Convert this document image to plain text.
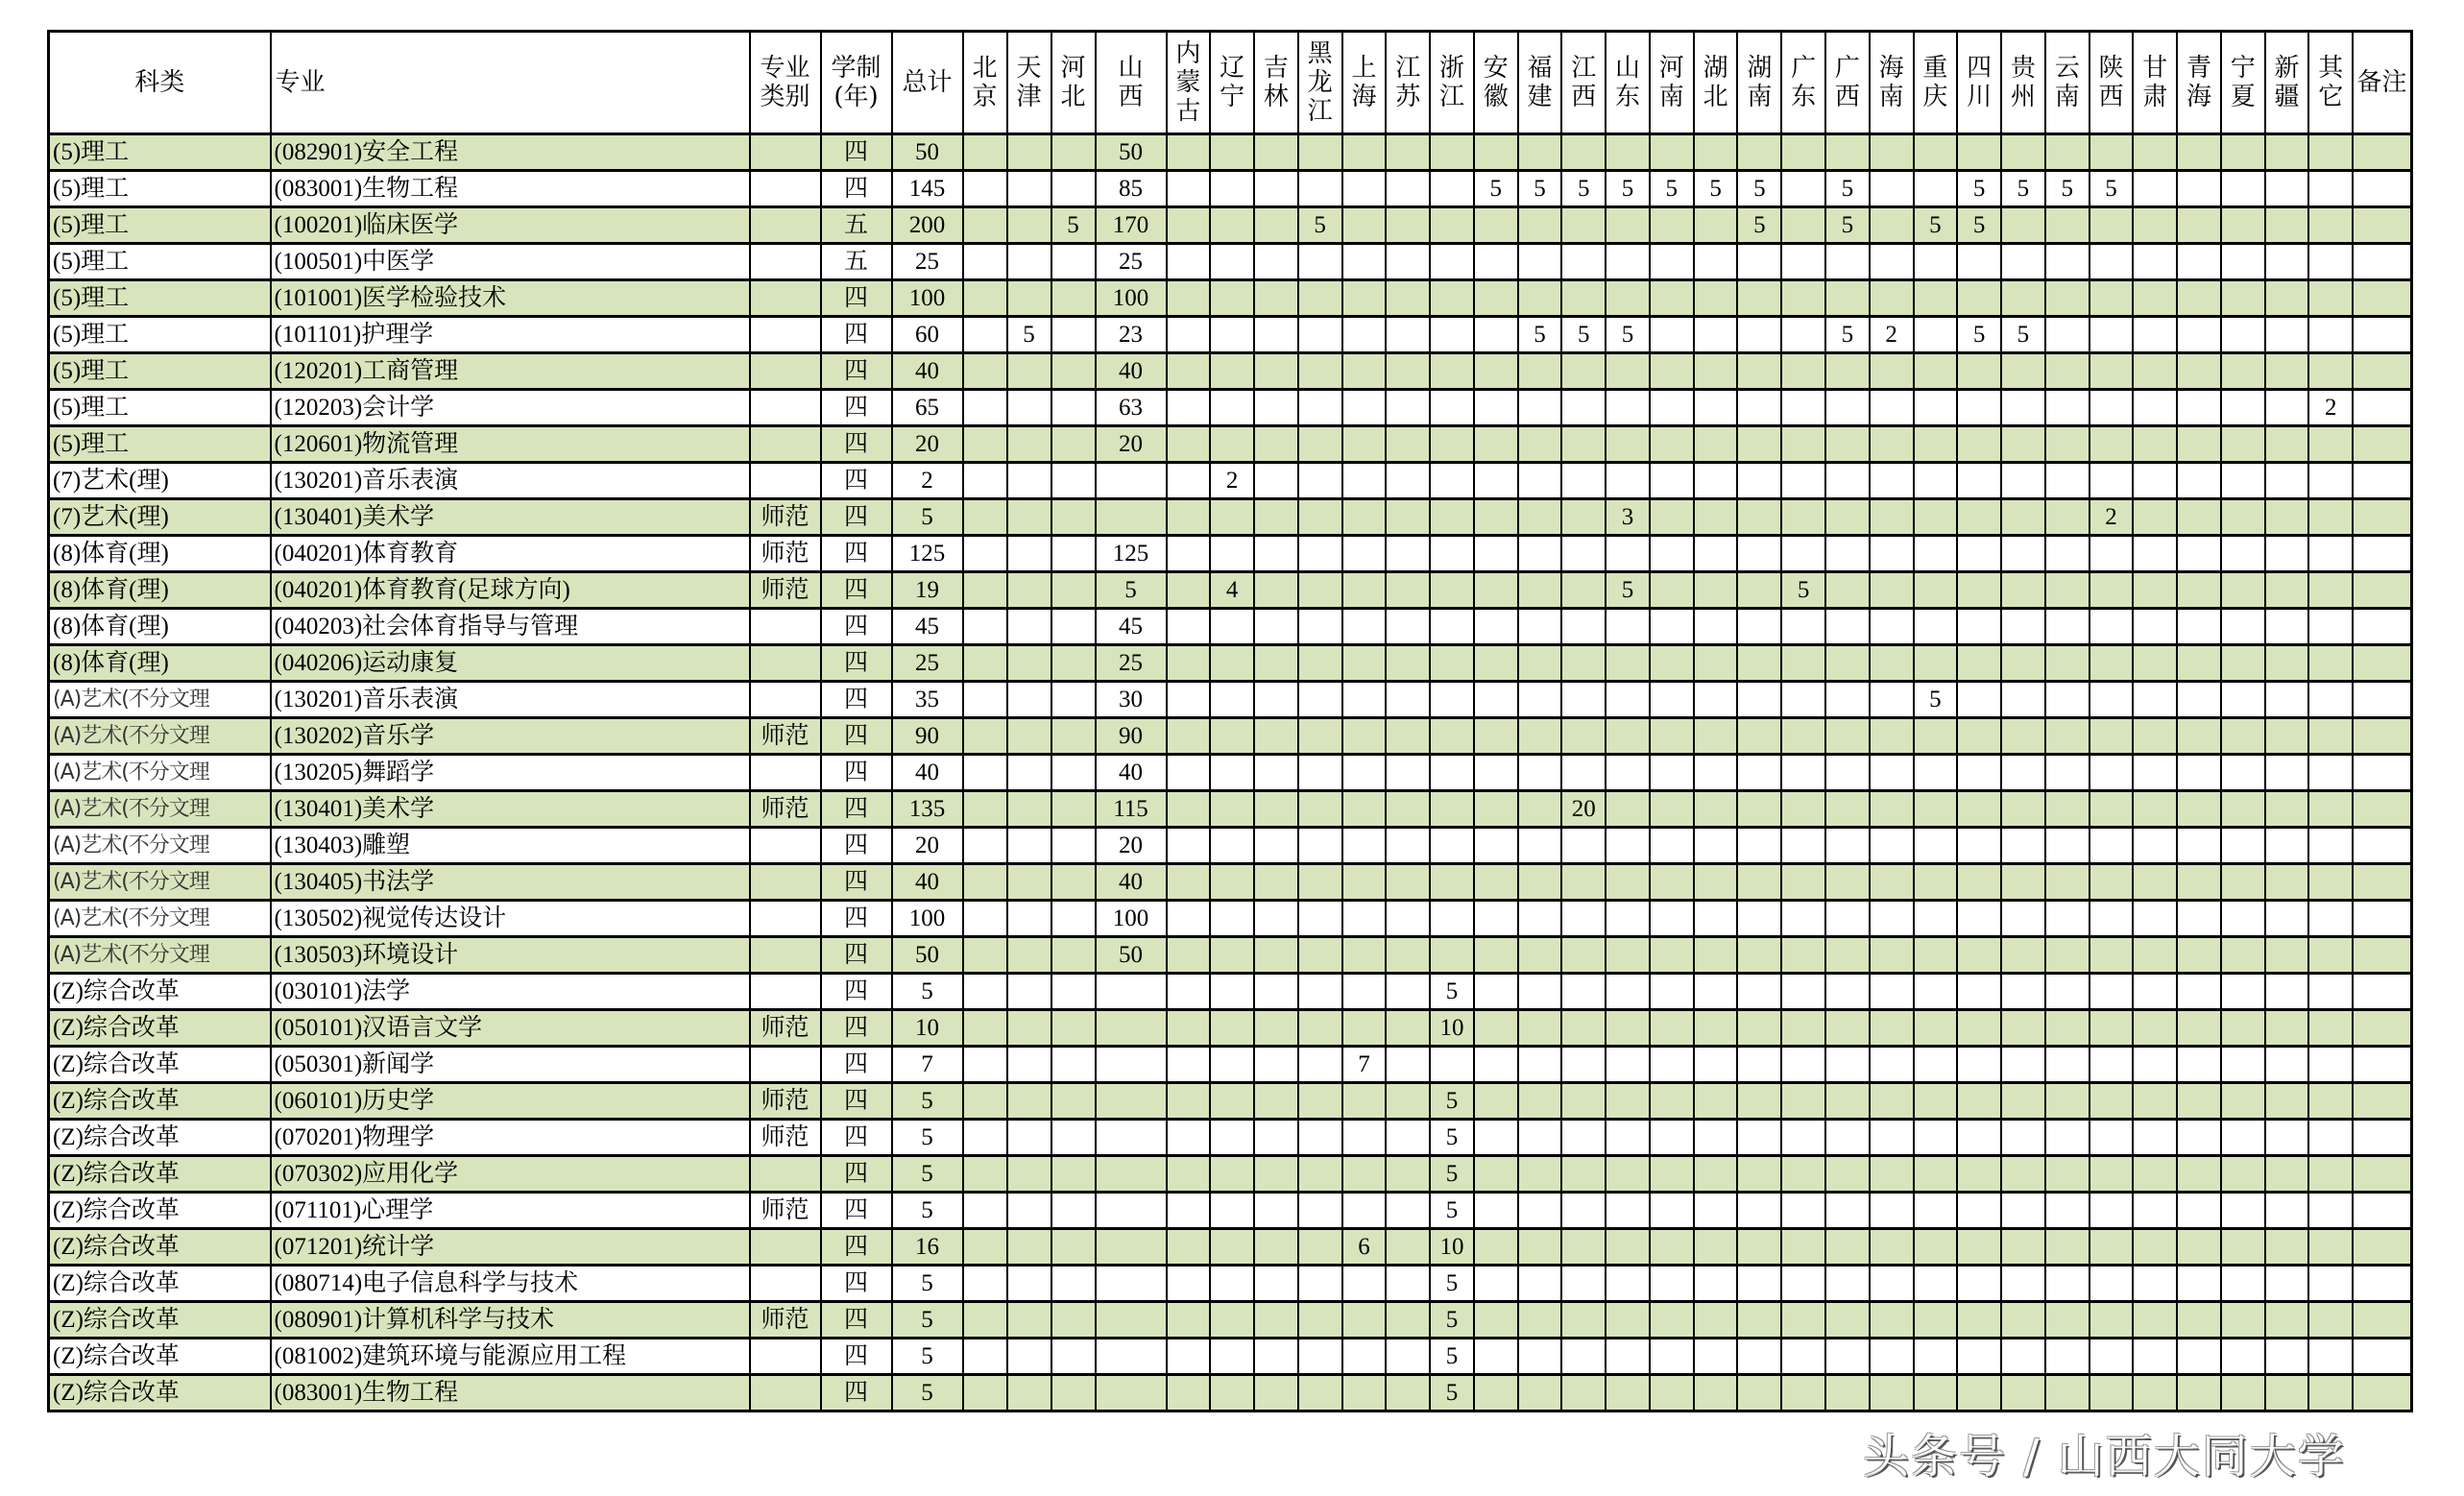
科类	专业	专业类别	学制(年)	总计	北京	天津	河北	山西	内蒙古	辽宁	吉林	黑龙江	上海	江苏	浙江	安徽	福建	江西	山东	河南	湖北	湖南	广东	广西	海南	重庆	四川	贵州	云南	陕西	甘肃	青海	宁夏	新疆	其它	备注
(5)理工	(082901)安全工程		四	50				50																												
(5)理工	(083001)生物工程		四	145				85								5	5	5	5	5	5	5		5			5	5	5	5						
(5)理工	(100201)临床医学		五	200			5	170				5										5		5		5	5									
(5)理工	(100501)中医学		五	25				25																												
(5)理工	(101001)医学检验技术		四	100				100																												
(5)理工	(101101)护理学		四	60		5		23									5	5	5					5	2		5	5								
(5)理工	(120201)工商管理		四	40				40																												
(5)理工	(120203)会计学		四	65				63																											2	
(5)理工	(120601)物流管理		四	20				20																												
(7)艺术(理)	(130201)音乐表演		四	2						2																										
(7)艺术(理)	(130401)美术学	师范	四	5															3											2						
(8)体育(理)	(040201)体育教育	师范	四	125				125																												
(8)体育(理)	(040201)体育教育(足球方向)	师范	四	19				5		4									5				5													
(8)体育(理)	(040203)社会体育指导与管理		四	45				45																												
(8)体育(理)	(040206)运动康复		四	25				25																												
(A)艺术(不分文理	(130201)音乐表演		四	35				30																		5										
(A)艺术(不分文理	(130202)音乐学	师范	四	90				90																												
(A)艺术(不分文理	(130205)舞蹈学		四	40				40																												
(A)艺术(不分文理	(130401)美术学	师范	四	135				115										20																		
(A)艺术(不分文理	(130403)雕塑		四	20				20																												
(A)艺术(不分文理	(130405)书法学		四	40				40																												
(A)艺术(不分文理	(130502)视觉传达设计		四	100				100																												
(A)艺术(不分文理	(130503)环境设计		四	50				50																												
(Z)综合改革	(030101)法学		四	5											5																					
(Z)综合改革	(050101)汉语言文学	师范	四	10											10																					
(Z)综合改革	(050301)新闻学		四	7									7																							
(Z)综合改革	(060101)历史学	师范	四	5											5																					
(Z)综合改革	(070201)物理学	师范	四	5											5																					
(Z)综合改革	(070302)应用化学		四	5											5																					
(Z)综合改革	(071101)心理学	师范	四	5											5																					
(Z)综合改革	(071201)统计学		四	16									6		10																					
(Z)综合改革	(080714)电子信息科学与技术		四	5											5																					
(Z)综合改革	(080901)计算机科学与技术	师范	四	5											5																					
(Z)综合改革	(081002)建筑环境与能源应用工程		四	5											5																					
(Z)综合改革	(083001)生物工程		四	5											5																					
头条号 / 山西大同大学
